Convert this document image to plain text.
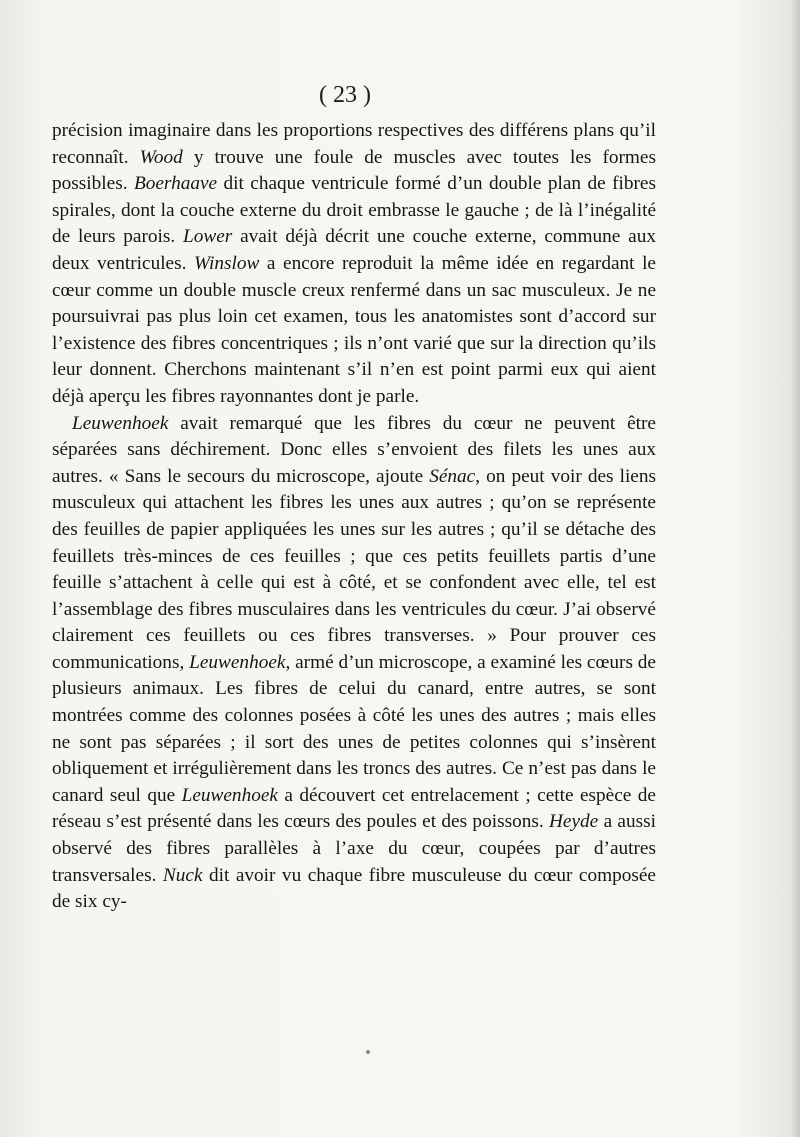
( 23 )

précision imaginaire dans les proportions respectives des différens plans qu’il reconnaît. Wood y trouve une foule de muscles avec toutes les formes possibles. Boerhaave dit chaque ventricule formé d’un double plan de fibres spirales, dont la couche externe du droit embrasse le gauche ; de là l’inégalité de leurs parois. Lower avait déjà décrit une couche externe, commune aux deux ventricules. Winslow a encore reproduit la même idée en regardant le cœur comme un double muscle creux renfermé dans un sac musculeux. Je ne poursuivrai pas plus loin cet examen, tous les anatomistes sont d’accord sur l’existence des fibres concentriques ; ils n’ont varié que sur la direction qu’ils leur donnent. Cherchons maintenant s’il n’en est point parmi eux qui aient déjà aperçu les fibres rayonnantes dont je parle.

Leuwenhoek avait remarqué que les fibres du cœur ne peuvent être séparées sans déchirement. Donc elles s’envoient des filets les unes aux autres. « Sans le secours du microscope, ajoute Sénac, on peut voir des liens musculeux qui attachent les fibres les unes aux autres ; qu’on se représente des feuilles de papier appliquées les unes sur les autres ; qu’il se détache des feuillets très-minces de ces feuilles ; que ces petits feuillets partis d’une feuille s’attachent à celle qui est à côté, et se confondent avec elle, tel est l’assemblage des fibres musculaires dans les ventricules du cœur. J’ai observé clairement ces feuillets ou ces fibres transverses. » Pour prouver ces communications, Leuwenhoek, armé d’un microscope, a examiné les cœurs de plusieurs animaux. Les fibres de celui du canard, entre autres, se sont montrées comme des colonnes posées à côté les unes des autres ; mais elles ne sont pas séparées ; il sort des unes de petites colonnes qui s’insèrent obliquement et irrégulièrement dans les troncs des autres. Ce n’est pas dans le canard seul que Leuwenhoek a découvert cet entrelacement ; cette espèce de réseau s’est présenté dans les cœurs des poules et des poissons. Heyde a aussi observé des fibres parallèles à l’axe du cœur, coupées par d’autres transversales. Nuck dit avoir vu chaque fibre musculeuse du cœur composée de six cy-
